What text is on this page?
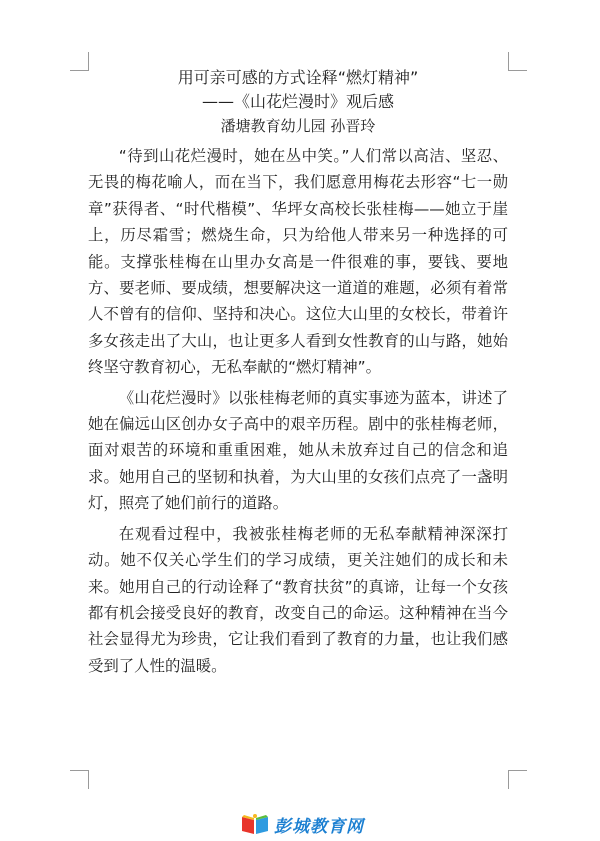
用可亲可感的方式诠释“燃灯精神”
——《山花烂漫时》观后感
潘塘教育幼儿园 孙晋玲

“待到山花烂漫时，她在丛中笑。”人们常以高洁、坚忍、无畏的梅花喻人，而在当下，我们愿意用梅花去形容“七一勋章”获得者、“时代楷模”、华坪女高校长张桂梅——她立于崖上，历尽霜雪；燃烧生命，只为给他人带来另一种选择的可能。支撑张桂梅在山里办女高是一件很难的事，要钱、要地方、要老师、要成绩，想要解决这一道道的难题，必须有着常人不曾有的信仰、坚持和决心。这位大山里的女校长，带着许多女孩走出了大山，也让更多人看到女性教育的山与路，她始终坚守教育初心，无私奉献的“燃灯精神”。

《山花烂漫时》以张桂梅老师的真实事迹为蓝本，讲述了她在偏远山区创办女子高中的艰辛历程。剧中的张桂梅老师，面对艰苦的环境和重重困难，她从未放弃过自己的信念和追求。她用自己的坚韧和执着，为大山里的女孩们点亮了一盏明灯，照亮了她们前行的道路。

在观看过程中，我被张桂梅老师的无私奉献精神深深打动。她不仅关心学生们的学习成绩，更关注她们的成长和未来。她用自己的行动诠释了“教育扶贫”的真谛，让每一个女孩都有机会接受良好的教育，改变自己的命运。这种精神在当今社会显得尤为珍贵，它让我们看到了教育的力量，也让我们感受到了人性的温暖。

彭城教育网
